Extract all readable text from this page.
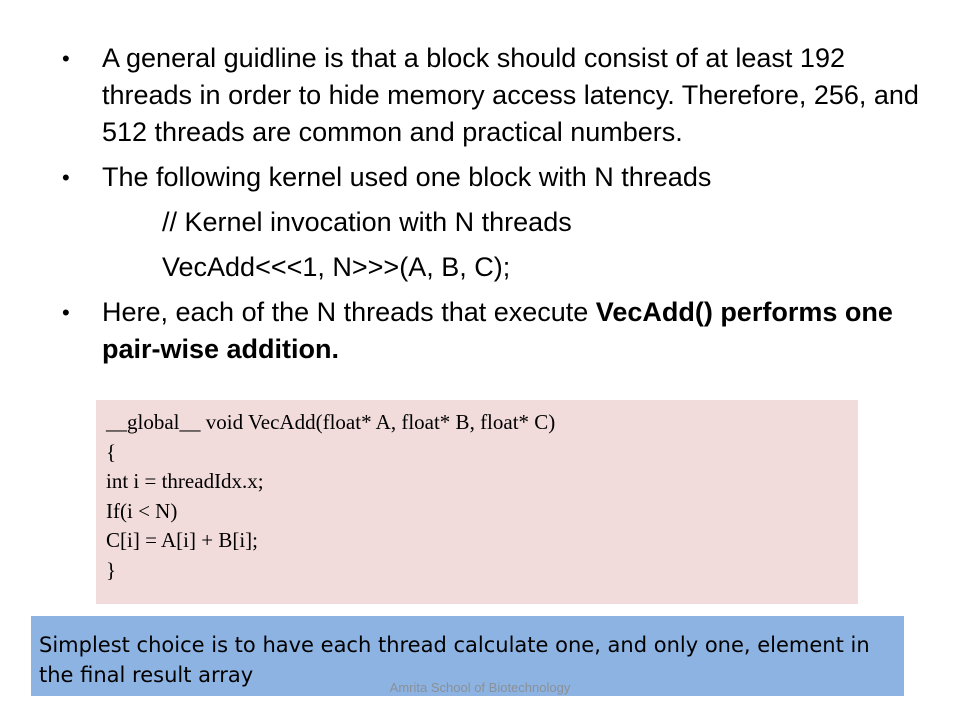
• A general guidline is that a block should consist of at least 192 threads in order to hide memory access latency. Therefore, 256, and 512 threads are common and practical numbers.
• The following kernel used one block with N threads
// Kernel invocation with N threads
VecAdd<<<1, N>>>(A, B, C);
• Here, each of the N threads that execute VecAdd() performs one pair-wise addition.
__global__ void VecAdd(float* A, float* B, float* C)
{
int i = threadIdx.x;
If(i < N)
C[i] = A[i] + B[i];
}
Simplest choice is to have each thread calculate one, and only one, element in the final result array
Amrita School of Biotechnology
